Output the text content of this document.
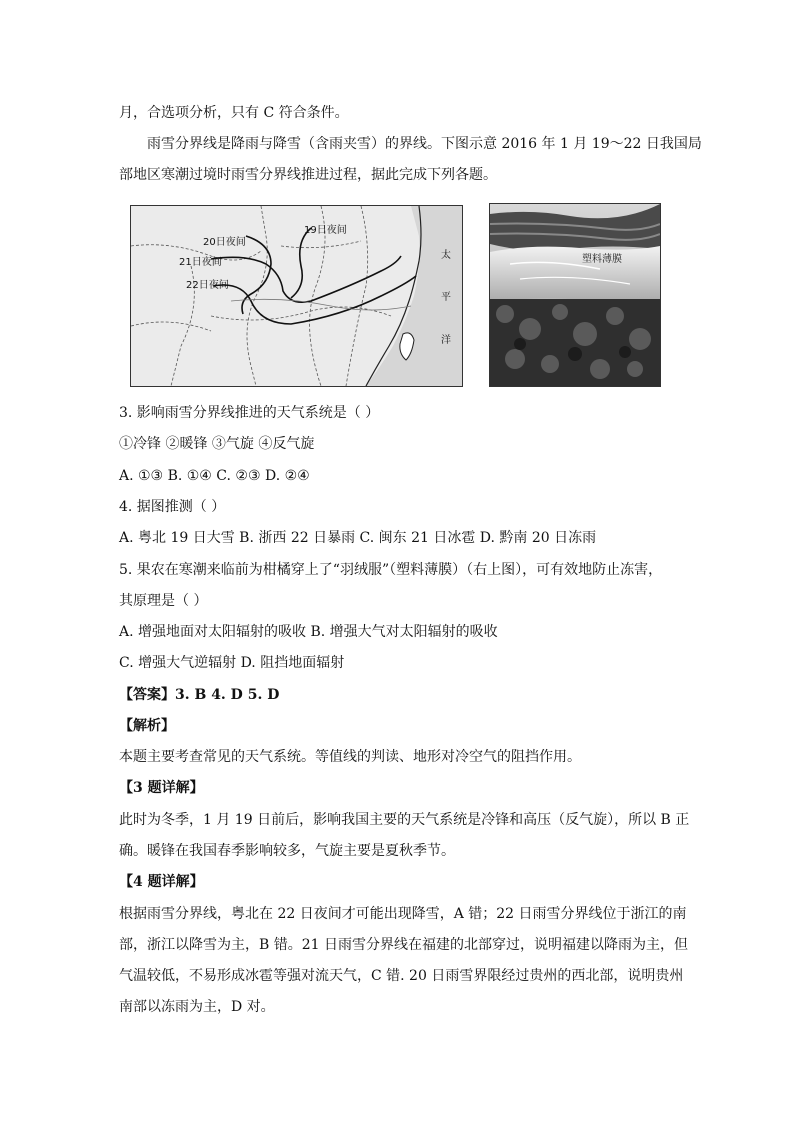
月，合选项分析，只有 C 符合条件。
雨雪分界线是降雨与降雪（含雨夹雪）的界线。下图示意 2016 年 1 月 19～22 日我国局
部地区寒潮过境时雨雪分界线推进过程，据此完成下列各题。
19日夜间
20日夜间
21日夜间
22日夜间
太
平
洋
塑料薄膜
3. 影响雨雪分界线推进的天气系统是（ ）
①冷锋 ②暖锋 ③气旋 ④反气旋
A. ①③ B. ①④ C. ②③ D. ②④
4. 据图推测（ ）
A. 粤北 19 日大雪 B. 浙西 22 日暴雨 C. 闽东 21 日冰雹 D. 黔南 20 日冻雨
5. 果农在寒潮来临前为柑橘穿上了“羽绒服”（塑料薄膜）（右上图），可有效地防止冻害，
其原理是（ ）
A. 增强地面对太阳辐射的吸收 B. 增强大气对太阳辐射的吸收
C. 增强大气逆辐射 D. 阻挡地面辐射
【答案】3. B 4. D 5. D
【解析】
本题主要考查常见的天气系统。等值线的判读、地形对冷空气的阻挡作用。
【3 题详解】
此时为冬季，1 月 19 日前后，影响我国主要的天气系统是冷锋和高压（反气旋），所以 B 正
确。暖锋在我国春季影响较多，气旋主要是夏秋季节。
【4 题详解】
根据雨雪分界线，粤北在 22 日夜间才可能出现降雪，A 错；22 日雨雪分界线位于浙江的南
部，浙江以降雪为主，B 错。21 日雨雪分界线在福建的北部穿过，说明福建以降雨为主，但
气温较低，不易形成冰雹等强对流天气，C 错. 20 日雨雪界限经过贵州的西北部，说明贵州
南部以冻雨为主，D 对。
